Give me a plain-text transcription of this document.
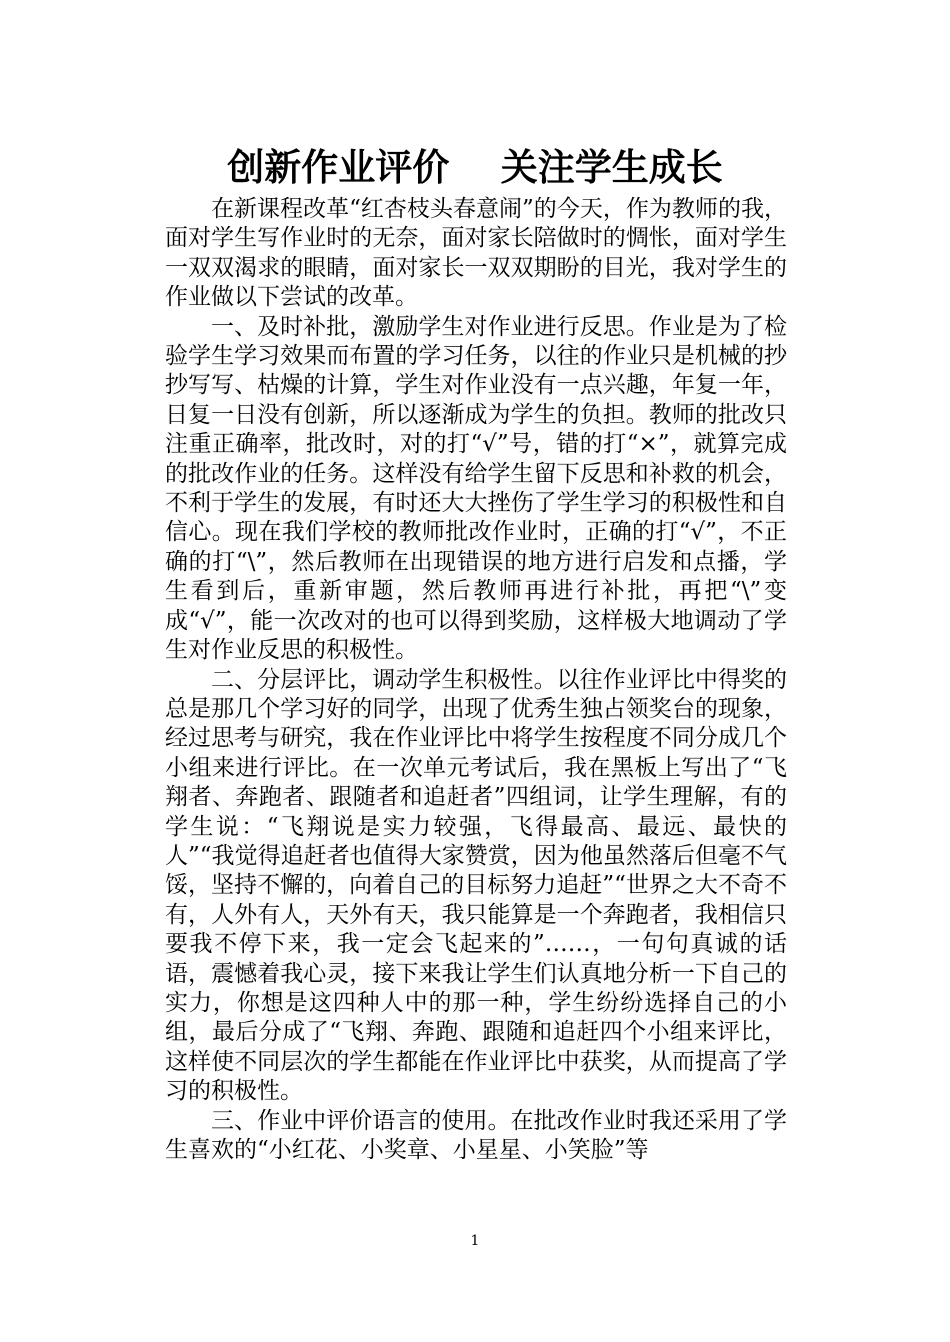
创新作业评价    关注学生成长

在新课程改革“红杏枝头春意闹”的今天，作为教师的我，面对学生写作业时的无奈，面对家长陪做时的惆怅，面对学生一双双渴求的眼睛，面对家长一双双期盼的目光，我对学生的作业做以下尝试的改革。

一、及时补批，激励学生对作业进行反思。作业是为了检验学生学习效果而布置的学习任务，以往的作业只是机械的抄抄写写、枯燥的计算，学生对作业没有一点兴趣，年复一年，日复一日没有创新，所以逐渐成为学生的负担。教师的批改只注重正确率，批改时，对的打“√”号，错的打“×”，就算完成的批改作业的任务。这样没有给学生留下反思和补救的机会，不利于学生的发展，有时还大大挫伤了学生学习的积极性和自信心。现在我们学校的教师批改作业时，正确的打“√”，不正确的打“\”，然后教师在出现错误的地方进行启发和点播，学生看到后，重新审题，然后教师再进行补批，再把“\”变成“√”，能一次改对的也可以得到奖励，这样极大地调动了学生对作业反思的积极性。

二、分层评比，调动学生积极性。以往作业评比中得奖的总是那几个学习好的同学，出现了优秀生独占领奖台的现象，经过思考与研究，我在作业评比中将学生按程度不同分成几个小组来进行评比。在一次单元考试后，我在黑板上写出了“飞翔者、奔跑者、跟随者和追赶者”四组词，让学生理解，有的学生说：“飞翔说是实力较强，飞得最高、最远、最快的人”“我觉得追赶者也值得大家赞赏，因为他虽然落后但毫不气馁，坚持不懈的，向着自己的目标努力追赶”“世界之大不奇不有，人外有人，天外有天，我只能算是一个奔跑者，我相信只要我不停下来，我一定会飞起来的”……，一句句真诚的话语，震憾着我心灵，接下来我让学生们认真地分析一下自己的实力，你想是这四种人中的那一种，学生纷纷选择自己的小组，最后分成了“飞翔、奔跑、跟随和追赶四个小组来评比，这样使不同层次的学生都能在作业评比中获奖，从而提高了学习的积极性。

三、作业中评价语言的使用。在批改作业时我还采用了学生喜欢的“小红花、小奖章、小星星、小笑脸”等

1
